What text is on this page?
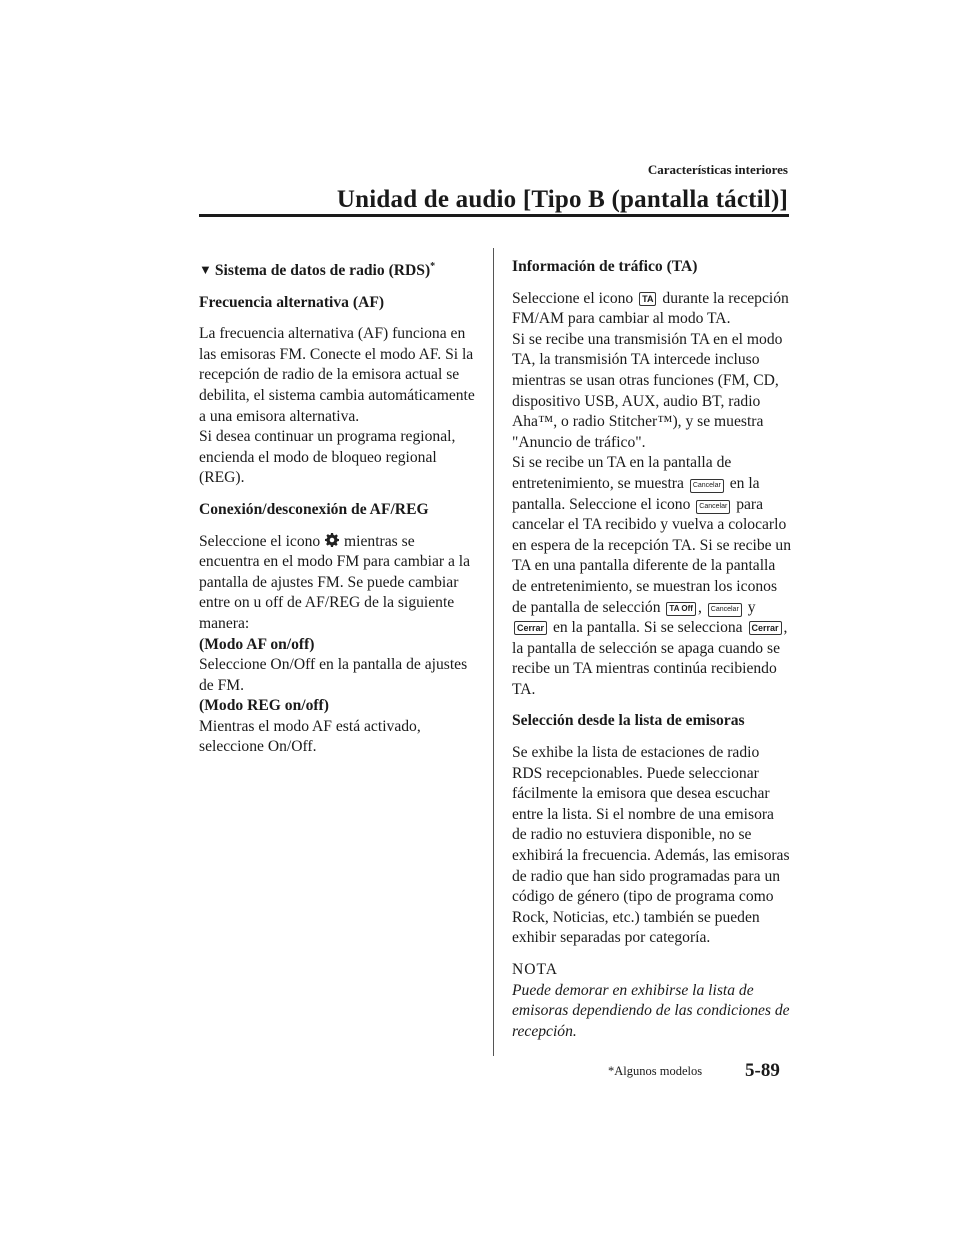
Características interiores
Unidad de audio [Tipo B (pantalla táctil)]

▼ Sistema de datos de radio (RDS)*

Frecuencia alternativa (AF)

La frecuencia alternativa (AF) funciona en las emisoras FM. Conecte el modo AF. Si la recepción de radio de la emisora actual se debilita, el sistema cambia automáticamente a una emisora alternativa.
Si desea continuar un programa regional, encienda el modo de bloqueo regional (REG).

Conexión/desconexión de AF/REG

Seleccione el icono mientras se encuentra en el modo FM para cambiar a la pantalla de ajustes FM. Se puede cambiar entre on u off de AF/REG de la siguiente manera:
(Modo AF on/off)
Seleccione On/Off en la pantalla de ajustes de FM.
(Modo REG on/off)
Mientras el modo AF está activado, seleccione On/Off.

Información de tráfico (TA)

Seleccione el icono TA durante la recepción FM/AM para cambiar al modo TA.
Si se recibe una transmisión TA en el modo TA, la transmisión TA intercede incluso mientras se usan otras funciones (FM, CD, dispositivo USB, AUX, audio BT, radio Aha™, o radio Stitcher™), y se muestra "Anuncio de tráfico".
Si se recibe un TA en la pantalla de entretenimiento, se muestra Cancelar en la pantalla. Seleccione el icono Cancelar para cancelar el TA recibido y vuelva a colocarlo en espera de la recepción TA. Si se recibe un TA en una pantalla diferente de la pantalla de entretenimiento, se muestran los iconos de pantalla de selección TA Off , Cancelar y Cerrar en la pantalla. Si se selecciona Cerrar , la pantalla de selección se apaga cuando se recibe un TA mientras continúa recibiendo TA.

Selección desde la lista de emisoras

Se exhibe la lista de estaciones de radio RDS recepcionables. Puede seleccionar fácilmente la emisora que desea escuchar entre la lista. Si el nombre de una emisora de radio no estuviera disponible, no se exhibirá la frecuencia. Además, las emisoras de radio que han sido programadas para un código de género (tipo de programa como Rock, Noticias, etc.) también se pueden exhibir separadas por categoría.

NOTA

Puede demorar en exhibirse la lista de emisoras dependiendo de las condiciones de recepción.

*Algunos modelos 5-89
